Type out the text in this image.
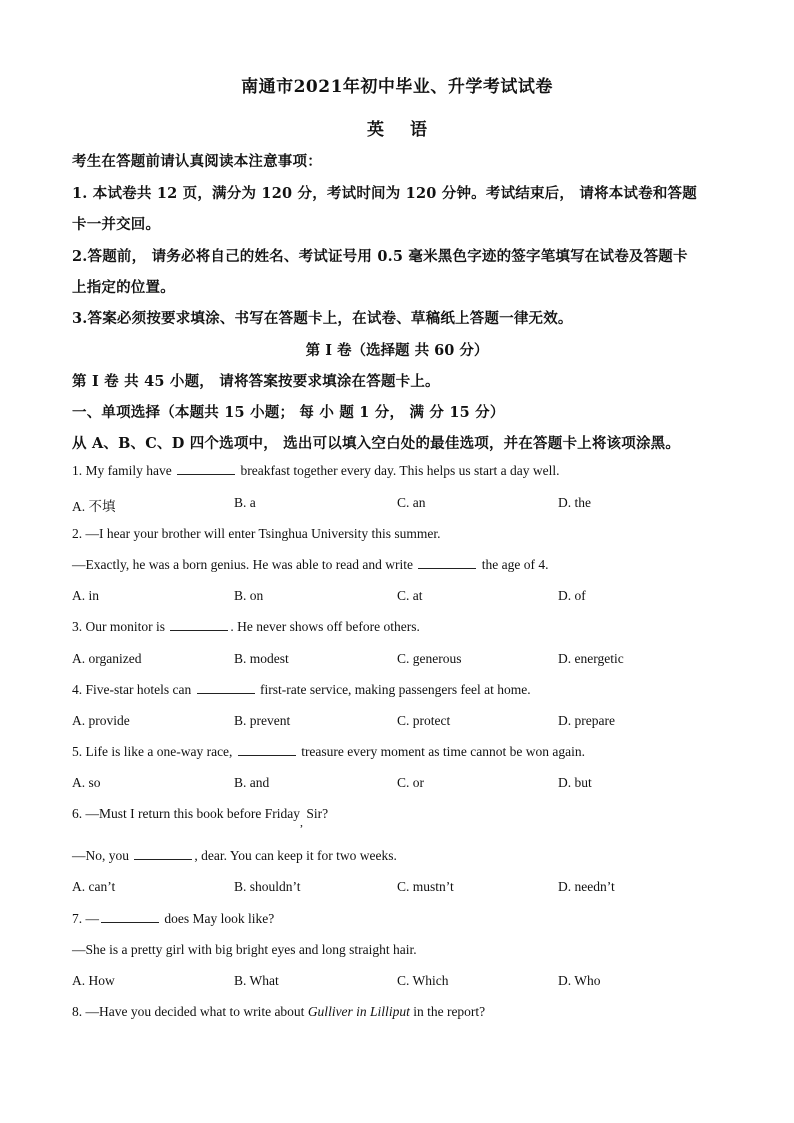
南通市2021年初中毕业、升学考试试卷
英语
考生在答题前请认真阅读本注意事项：
1. 本试卷共 12 页，满分为 120 分，考试时间为 120 分钟。考试结束后， 请将本试卷和答题
卡一并交回。
2.答题前， 请务必将自己的姓名、考试证号用 0.5 毫米黑色字迹的签字笔填写在试卷及答题卡
上指定的位置。
3.答案必须按要求填涂、书写在答题卡上，在试卷、草稿纸上答题一律无效。
第 I 卷（选择题 共 60 分）
第 I 卷 共 45 小题， 请将答案按要求填涂在答题卡上。
一、单项选择（本题共 15 小题； 每 小 题 1 分， 满 分 15 分）
从 A、B、C、D 四个选项中， 选出可以填入空白处的最佳选项，并在答题卡上将该项涂黑。
1. My family have	breakfast together every day. This helps us start a day well.
A. 不填	B. a	C. an	D. the
2. —I hear your brother will enter Tsinghua University this summer.
—Exactly, he was a born genius. He was able to read and write	the age of 4.
A. in	B. on	C. at	D. of
3. Our monitor is	. He never shows off before others.
A. organized	B. modest	C. generous	D. energetic
4. Five-star hotels can	first-rate service, making passengers feel at home.
A. provide	B. prevent	C. protect	D. prepare
5. Life is like a one-way race,	treasure every moment as time cannot be won again.
A. so	B. and	C. or	D. but
6. —Must I return this book before Friday, Sir?
—No, you	, dear. You can keep it for two weeks.
A. can’t	B. shouldn’t	C. mustn’t	D. needn’t
7. —	does May look like?
—She is a pretty girl with big bright eyes and long straight hair.
A. How	B. What	C. Which	D. Who
8. —Have you decided what to write about Gulliver in Lilliput in the report?
